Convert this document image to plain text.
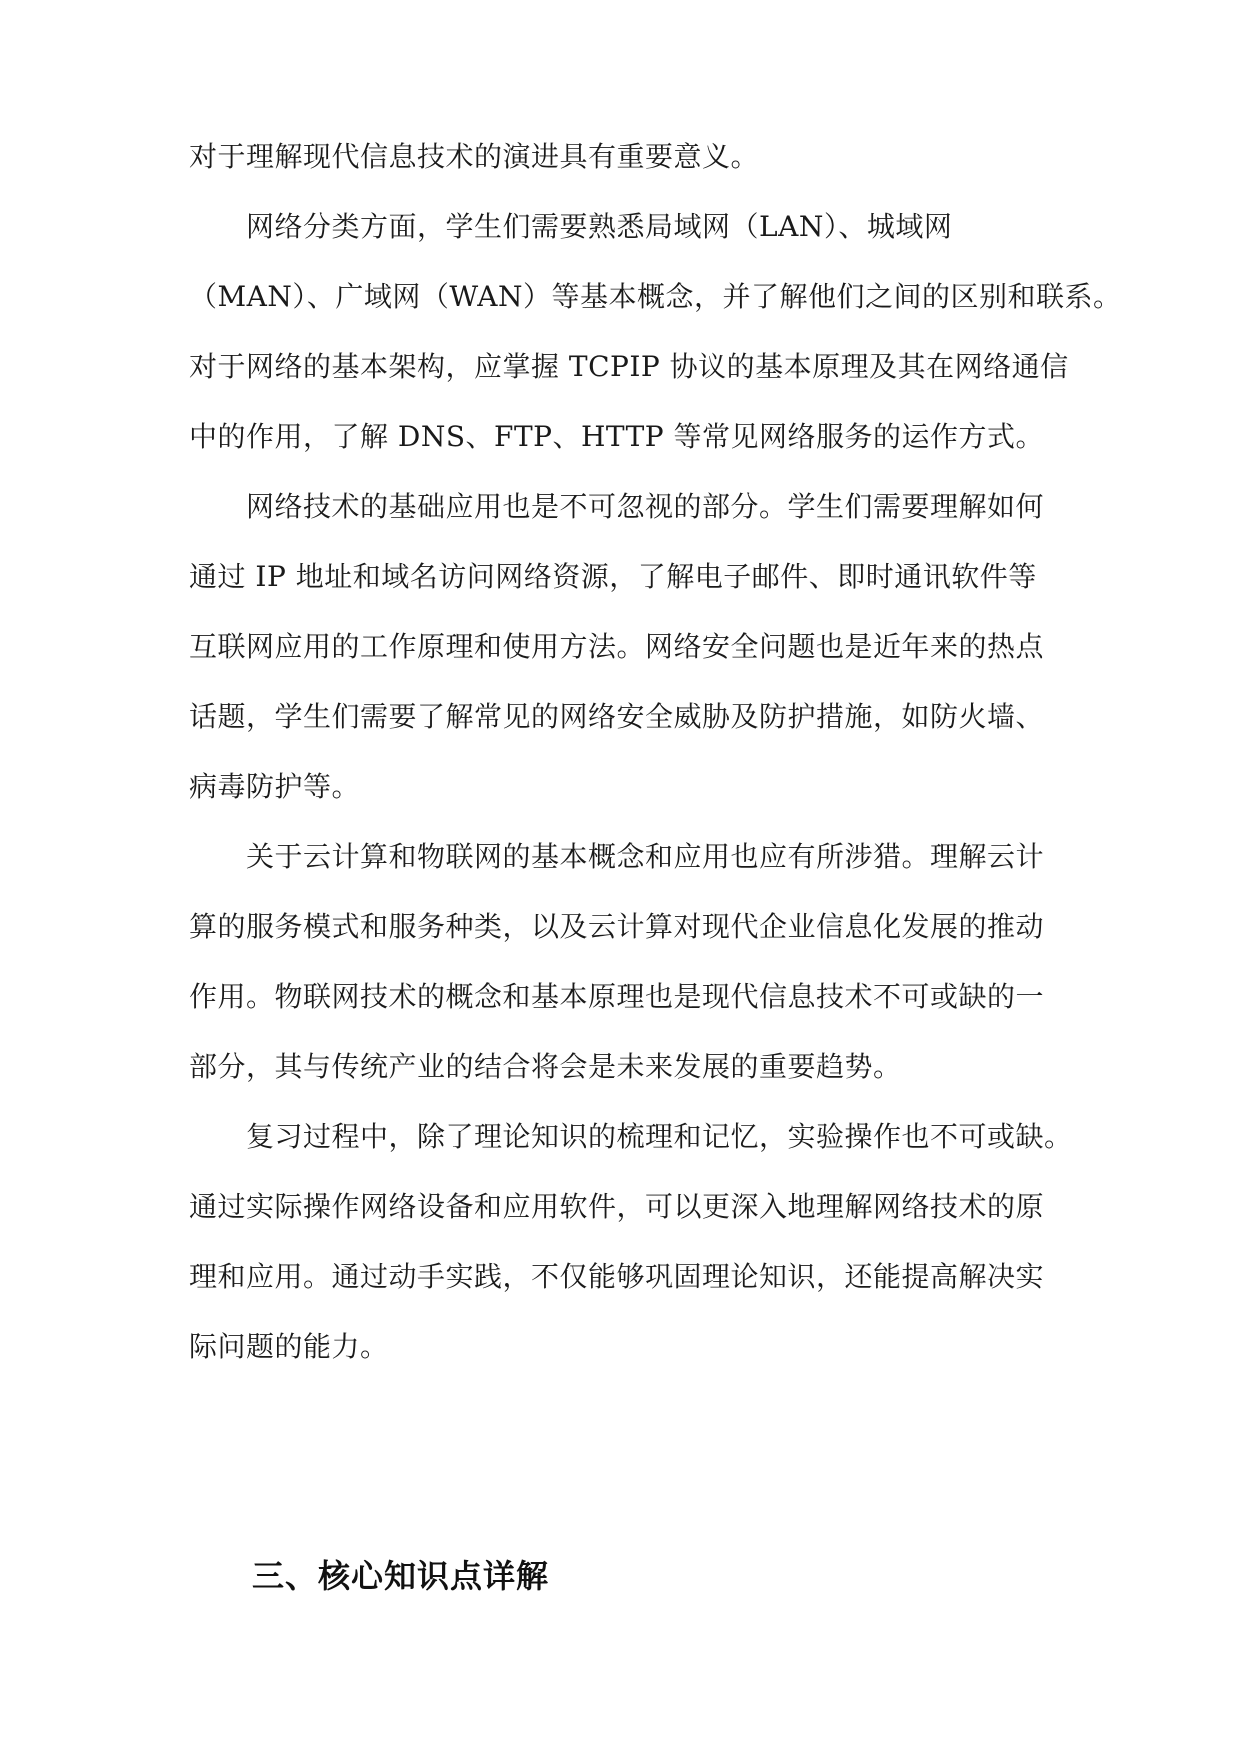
对于理解现代信息技术的演进具有重要意义。
网络分类方面，学生们需要熟悉局域网（LAN）、城域网
（MAN）、广域网（WAN）等基本概念，并了解他们之间的区别和联系。
对于网络的基本架构，应掌握 TCPIP 协议的基本原理及其在网络通信
中的作用，了解 DNS、FTP、HTTP 等常见网络服务的运作方式。
网络技术的基础应用也是不可忽视的部分。学生们需要理解如何
通过 IP 地址和域名访问网络资源，了解电子邮件、即时通讯软件等
互联网应用的工作原理和使用方法。网络安全问题也是近年来的热点
话题，学生们需要了解常见的网络安全威胁及防护措施，如防火墙、
病毒防护等。
关于云计算和物联网的基本概念和应用也应有所涉猎。理解云计
算的服务模式和服务种类，以及云计算对现代企业信息化发展的推动
作用。物联网技术的概念和基本原理也是现代信息技术不可或缺的一
部分，其与传统产业的结合将会是未来发展的重要趋势。
复习过程中，除了理论知识的梳理和记忆，实验操作也不可或缺。
通过实际操作网络设备和应用软件，可以更深入地理解网络技术的原
理和应用。通过动手实践，不仅能够巩固理论知识，还能提高解决实
际问题的能力。
三、核心知识点详解
